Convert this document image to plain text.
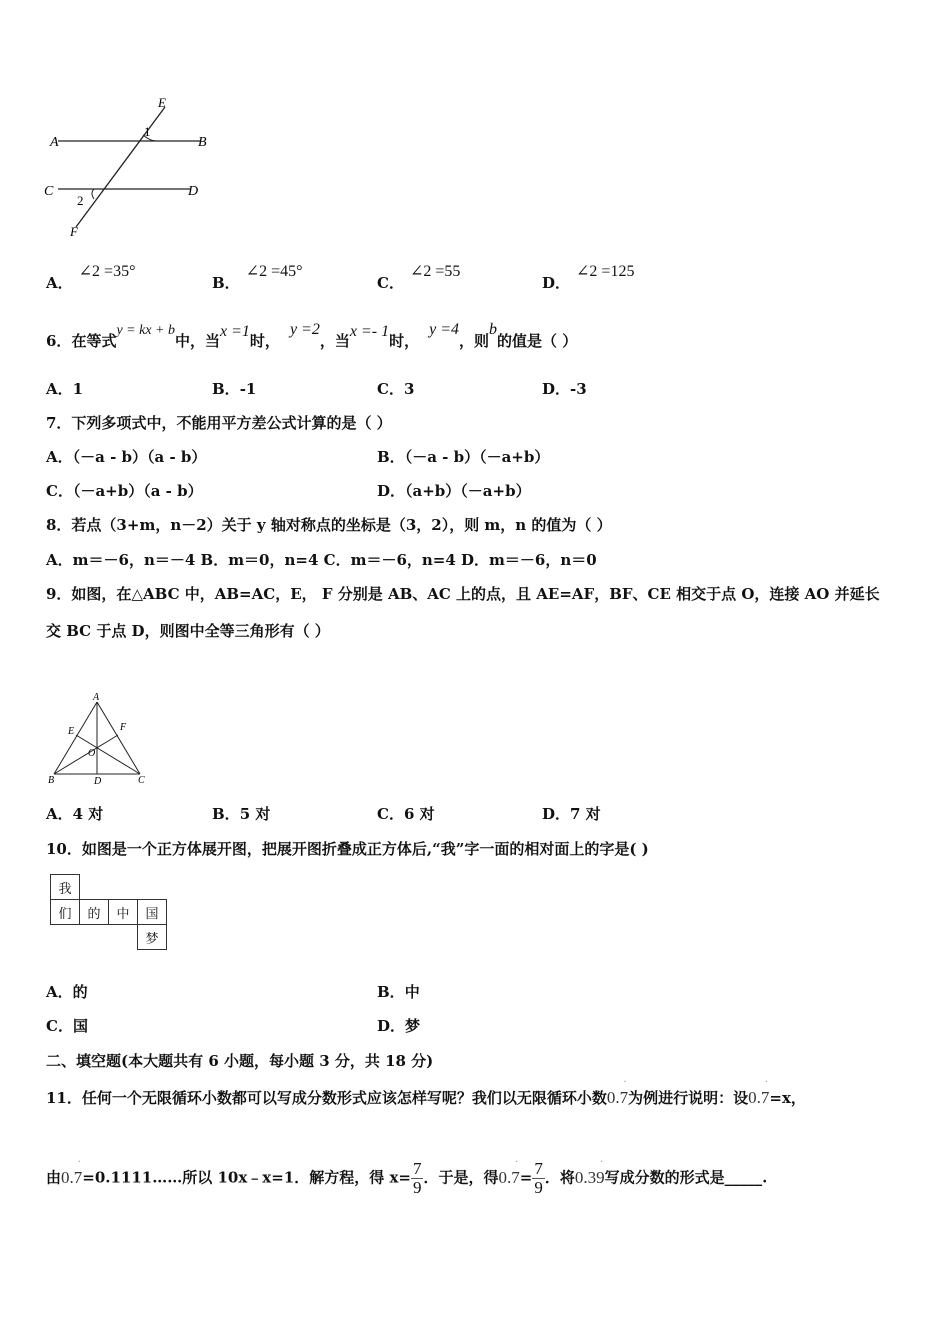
E
A	B
1
C	D
2
F
A．∠2 =35°
B．∠2 =45°
C．∠2 =55
D．∠2 =125
6．在等式y = kx + b中，当x =1时，y =2，当x =- 1时，y =4，则b的值是（ ）
A．1	B．-1	C．3	D．-3
7．下列多项式中，不能用平方差公式计算的是（ ）
A．（－a - b）（a - b）	B．（－a - b）（－a+b）
C．（－a+b）（a - b）	D．（a+b）（－a+b）
8．若点（3+m，n－2）关于 y 轴对称点的坐标是（3，2），则 m，n 的值为（ ）
A．m＝－6，n＝－4 B．m＝0，n=4 C．m＝－6，n=4 D．m＝－6，n＝0
9．如图，在△ABC 中，AB=AC，E， F 分别是 AB、AC 上的点，且 AE=AF，BF、CE 相交于点 O，连接 AO 并延长
交 BC 于点 D，则图中全等三角形有（ ）
A
E	F
O
B	D	C
A．4 对	B．5 对	C．6 对	D．7 对
10．如图是一个正方体展开图，把展开图折叠成正方体后,“我”字一面的相对面上的字是( )
我			
们	的	中	国
			梦
A．的	B．中
C．国	D．梦
二、填空题(本大题共有 6 小题，每小题 3 分，共 18 分)
11．任何一个无限循环小数都可以写成分数形式应该怎样写呢？我们以无限循环小数0.7 ·为例进行说明：设0.7 ·=x，
由0.7 ·=0.1111……所以 10x﹣x=1．解方程，得 $x= \frac{7}{9}$ ．于是，得$0.7 \cdot= \frac{7}{9}$ ．将0.39 ·写成分数的形式是_____.
